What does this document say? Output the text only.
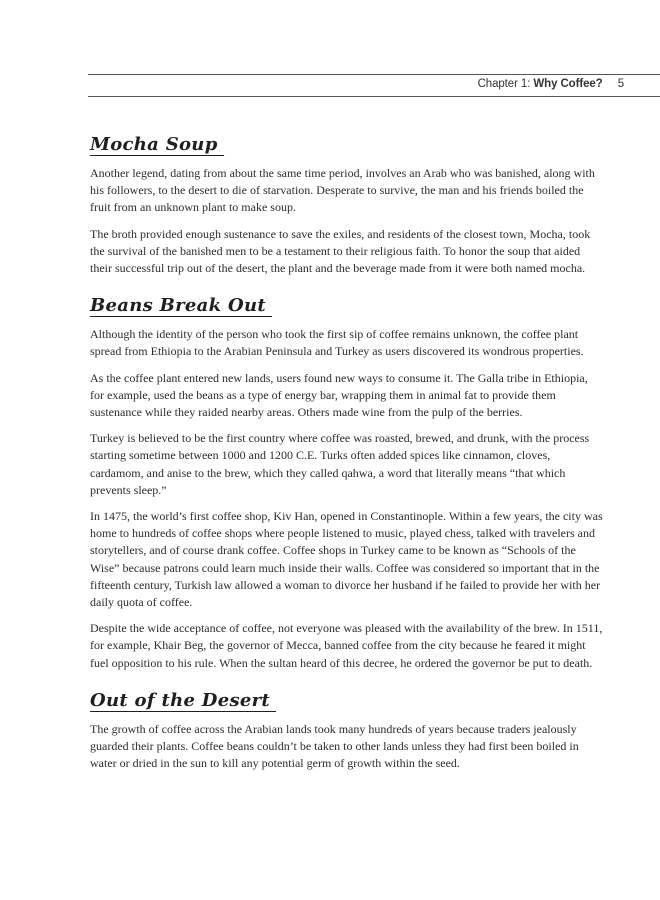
Chapter 1: Why Coffee? 5
Mocha Soup

Another legend, dating from about the same time period, involves an Arab who was banished, along with his followers, to the desert to die of starvation. Desperate to survive, the man and his friends boiled the fruit from an unknown plant to make soup.

The broth provided enough sustenance to save the exiles, and residents of the closest town, Mocha, took the survival of the banished men to be a testament to their religious faith. To honor the soup that aided their successful trip out of the desert, the plant and the beverage made from it were both named mocha.

Beans Break Out

Although the identity of the person who took the first sip of coffee remains unknown, the coffee plant spread from Ethiopia to the Arabian Peninsula and Turkey as users discovered its wondrous properties.

As the coffee plant entered new lands, users found new ways to consume it. The Galla tribe in Ethiopia, for example, used the beans as a type of energy bar, wrapping them in animal fat to provide them sustenance while they raided nearby areas. Others made wine from the pulp of the berries.

Turkey is believed to be the first country where coffee was roasted, brewed, and drunk, with the process starting sometime between 1000 and 1200 C.E. Turks often added spices like cinnamon, cloves, cardamom, and anise to the brew, which they called qahwa, a word that literally means “that which prevents sleep.”

In 1475, the world’s first coffee shop, Kiv Han, opened in Constantinople. Within a few years, the city was home to hundreds of coffee shops where people listened to music, played chess, talked with travelers and storytellers, and of course drank coffee. Coffee shops in Turkey came to be known as “Schools of the Wise” because patrons could learn much inside their walls. Coffee was considered so important that in the fifteenth century, Turkish law allowed a woman to divorce her husband if he failed to provide her with her daily quota of coffee.

Despite the wide acceptance of coffee, not everyone was pleased with the availability of the brew. In 1511, for example, Khair Beg, the governor of Mecca, banned coffee from the city because he feared it might fuel opposition to his rule. When the sultan heard of this decree, he ordered the governor be put to death.

Out of the Desert

The growth of coffee across the Arabian lands took many hundreds of years because traders jealously guarded their plants. Coffee beans couldn’t be taken to other lands unless they had first been boiled in water or dried in the sun to kill any potential germ of growth within the seed.
